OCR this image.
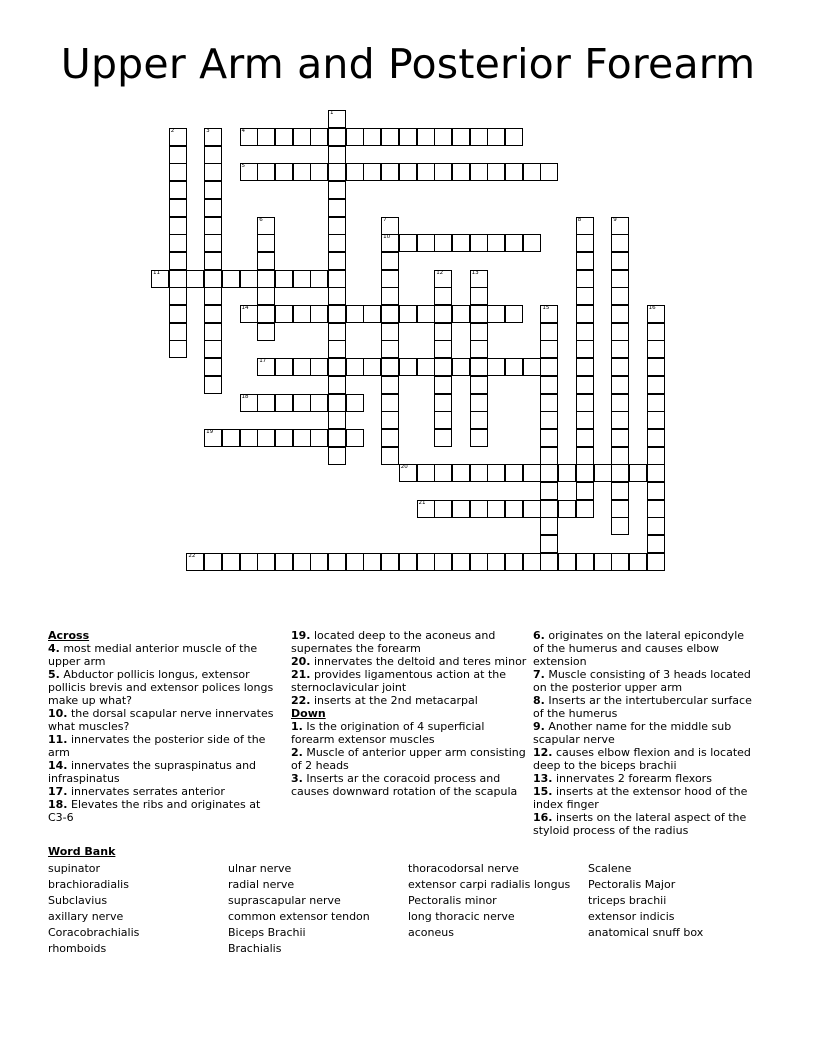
Upper Arm and Posterior Forearm
4
5
10
11
14
17
18
19
20
21
22
1
2	3
6	7	8	9
12	13
15	16
Across
4. most medial anterior muscle of the upper arm
5. Abductor pollicis longus, extensor pollicis brevis and extensor polices longs make up what?
10. the dorsal scapular nerve innervates what muscles?
11. innervates the posterior side of the arm
14. innervates the supraspinatus and infraspinatus
17. innervates serrates anterior
18. Elevates the ribs and originates at C3-6
19. located deep to the aconeus and supernates the forearm
20. innervates the deltoid and teres minor
21. provides ligamentous action at the sternoclavicular joint
22. inserts at the 2nd metacarpal
Down
1. Is the origination of 4 superficial forearm extensor muscles
2. Muscle of anterior upper arm consisting of 2 heads
3. Inserts ar the coracoid process and causes downward rotation of the scapula
6. originates on the lateral epicondyle of the humerus and causes elbow extension
7. Muscle consisting of 3 heads located on the posterior upper arm
8. Inserts ar the intertubercular surface of the humerus
9. Another name for the middle sub scapular nerve
12. causes elbow flexion and is located deep to the biceps brachii
13. innervates 2 forearm flexors
15. inserts at the extensor hood of the index finger
16. inserts on the lateral aspect of the styloid process of the radius
Word Bank
supinator
brachioradialis
Subclavius
axillary nerve
Coracobrachialis
rhomboids
ulnar nerve
radial nerve
suprascapular nerve
common extensor tendon
Biceps Brachii
Brachialis
thoracodorsal nerve
extensor carpi radialis longus
Pectoralis minor
long thoracic nerve
aconeus
Scalene
Pectoralis Major
triceps brachii
extensor indicis
anatomical snuff box
